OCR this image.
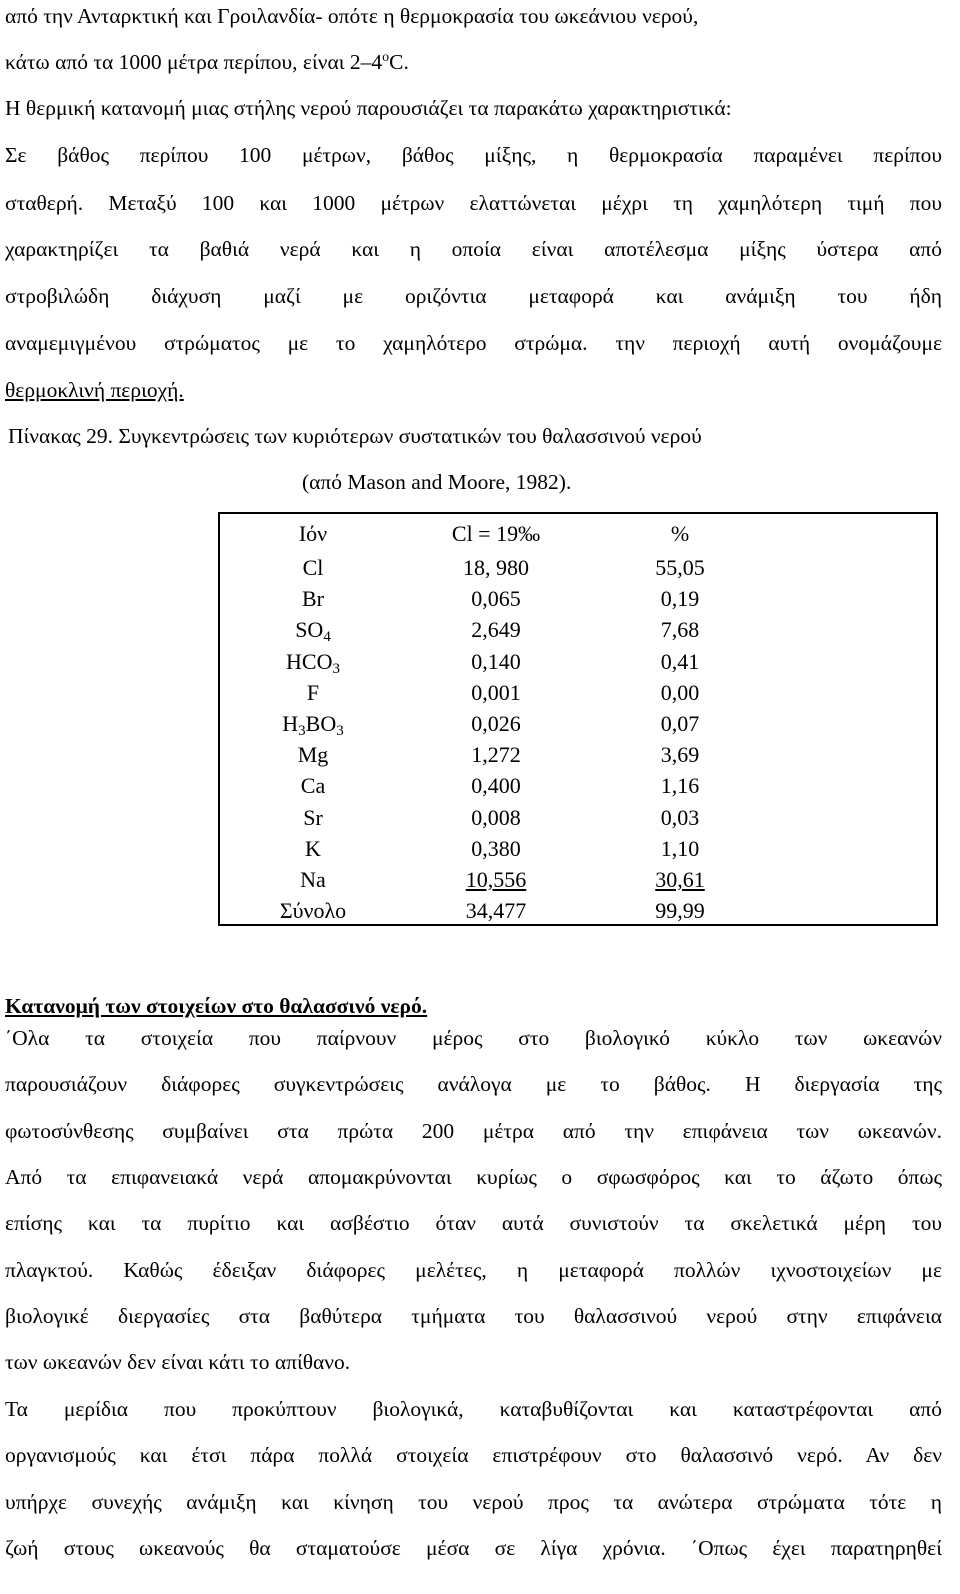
από την Ανταρκτική και Γροιλανδία- οπότε η θερμοκρασία του ωκεάνιου νερού,
κάτω από τα 1000 μέτρα περίπου, είναι 2–4$^o$C.
Η θερμική κατανομή μιας στήλης νερού παρουσιάζει τα παρακάτω χαρακτηριστικά:
Σε βάθος περίπου 100 μέτρων, βάθος μίξης, η θερμοκρασία παραμένει περίπου
σταθερή. Μεταξύ 100 και 1000 μέτρων ελαττώνεται μέχρι τη χαμηλότερη τιμή που
χαρακτηρίζει τα βαθιά νερά και η οποία είναι αποτέλεσμα μίξης ύστερα από
στροβιλώδη διάχυση μαζί με οριζόντια μεταφορά και ανάμιξη του ήδη
αναμεμιγμένου στρώματος με το χαμηλότερο στρώμα. την περιοχή αυτή ονομάζουμε
θερμοκλινή περιοχή.
Πίνακας 29. Συγκεντρώσεις των κυριότερων συστατικών του θαλασσινού νερού
(από Mason and Moore, 1982).
Ιόν	Cl = 19‰	%
Cl	18, 980	55,05
Br	0,065	0,19
$SO_4$	2,649	7,68
$HCO_3$	0,140	0,41
F	0,001	0,00
$H_3BO_3$	0,026	0,07
Mg	1,272	3,69
Ca	0,400	1,16
Sr	0,008	0,03
K	0,380	1,10
Na	10,556	30,61
Σύνολο	34,477	99,99
Κατανομή των στοιχείων στο θαλασσινό νερό.
΄Ολα τα στοιχεία που παίρνουν μέρος στο βιολογικό κύκλο των ωκεανών
παρουσιάζουν διάφορες συγκεντρώσεις ανάλογα με το βάθος. Η διεργασία της
φωτοσύνθεσης συμβαίνει στα πρώτα 200 μέτρα από την επιφάνεια των ωκεανών.
Από τα επιφανειακά νερά απομακρύνονται κυρίως ο σφωσφόρος και το άζωτο όπως
επίσης και τα πυρίτιο και ασβέστιο όταν αυτά συνιστούν τα σκελετικά μέρη του
πλαγκτού. Καθώς έδειξαν διάφορες μελέτες, η μεταφορά πολλών ιχνοστοιχείων με
βιολογικέ διεργασίες στα βαθύτερα τμήματα του θαλασσινού νερού στην επιφάνεια
των ωκεανών δεν είναι κάτι το απίθανο.
Τα μερίδια που προκύπτουν βιολογικά, καταβυθίζονται και καταστρέφονται από
οργανισμούς και έτσι πάρα πολλά στοιχεία επιστρέφουν στο θαλασσινό νερό. Αν δεν
υπήρχε συνεχής ανάμιξη και κίνηση του νερού προς τα ανώτερα στρώματα τότε η
ζωή στους ωκεανούς θα σταματούσε μέσα σε λίγα χρόνια. ΄Οπως έχει παρατηρηθεί
